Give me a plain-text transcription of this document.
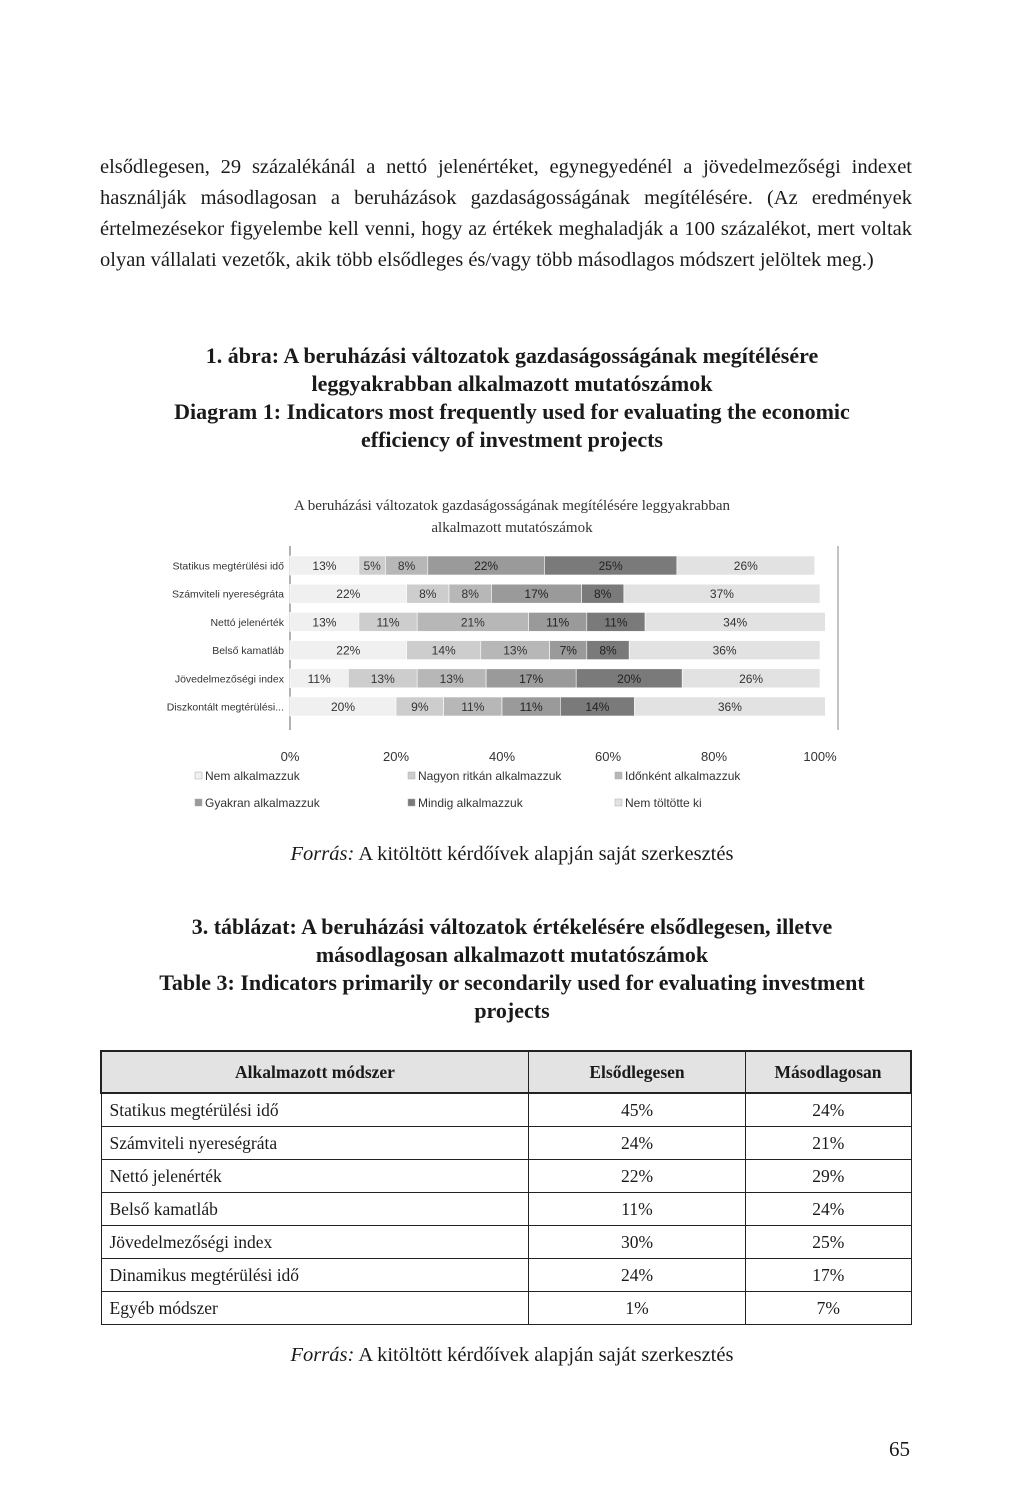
elsődlegesen, 29 százalékánál a nettó jelenértéket, egynegyedénél a jövedelmezőségi indexet használják másodlagosan a beruházások gazdaságosságának megítélésére. (Az eredmények értelmezésekor figyelembe kell venni, hogy az értékek meghaladják a 100 százalékot, mert voltak olyan vállalati vezetők, akik több elsődleges és/vagy több másodlagos módszert jelöltek meg.)

1. ábra: A beruházási változatok gazdaságosságának megítélésére
leggyakrabban alkalmazott mutatószámok
Diagram 1: Indicators most frequently used for evaluating the economic
efficiency of investment projects
A beruházási változatok gazdaságosságának megítélésére leggyakrabban
alkalmazott mutatószámok
Statikus megtérülési idő 13% 5% 8%	22%	25%	26%
Számviteli nyereségráta	22%	8% 8%	17%	8%	37%
Nettó jelenérték 13%	11%	21%	11%	11%	34%
Belső kamatláb	22%	14%	13%	7% 8%	36%
Jövedelmezőségi index 11%	13%	13%	17%	20%	26%
Diszkontált megtérülési...	20%	9%	11%	11%	14%	36%
0%	20%	40%	60%	80%	100%
Nem alkalmazzuk	Nagyon ritkán alkalmazzuk	Időnként alkalmazzuk
Gyakran alkalmazzuk	Mindig alkalmazzuk	Nem töltötte ki

Forrás: A kitöltött kérdőívek alapján saját szerkesztés

3. táblázat: A beruházási változatok értékelésére elsődlegesen, illetve
másodlagosan alkalmazott mutatószámok
Table 3: Indicators primarily or secondarily used for evaluating investment
projects
Alkalmazott módszer	Elsődlegesen	Másodlagosan
Statikus megtérülési idő	45%	24%
Számviteli nyereségráta	24%	21%
Nettó jelenérték	22%	29%
Belső kamatláb	11%	24%
Jövedelmezőségi index	30%	25%
Dinamikus megtérülési idő	24%	17%
Egyéb módszer	1%	7%

Forrás: A kitöltött kérdőívek alapján saját szerkesztés

65
